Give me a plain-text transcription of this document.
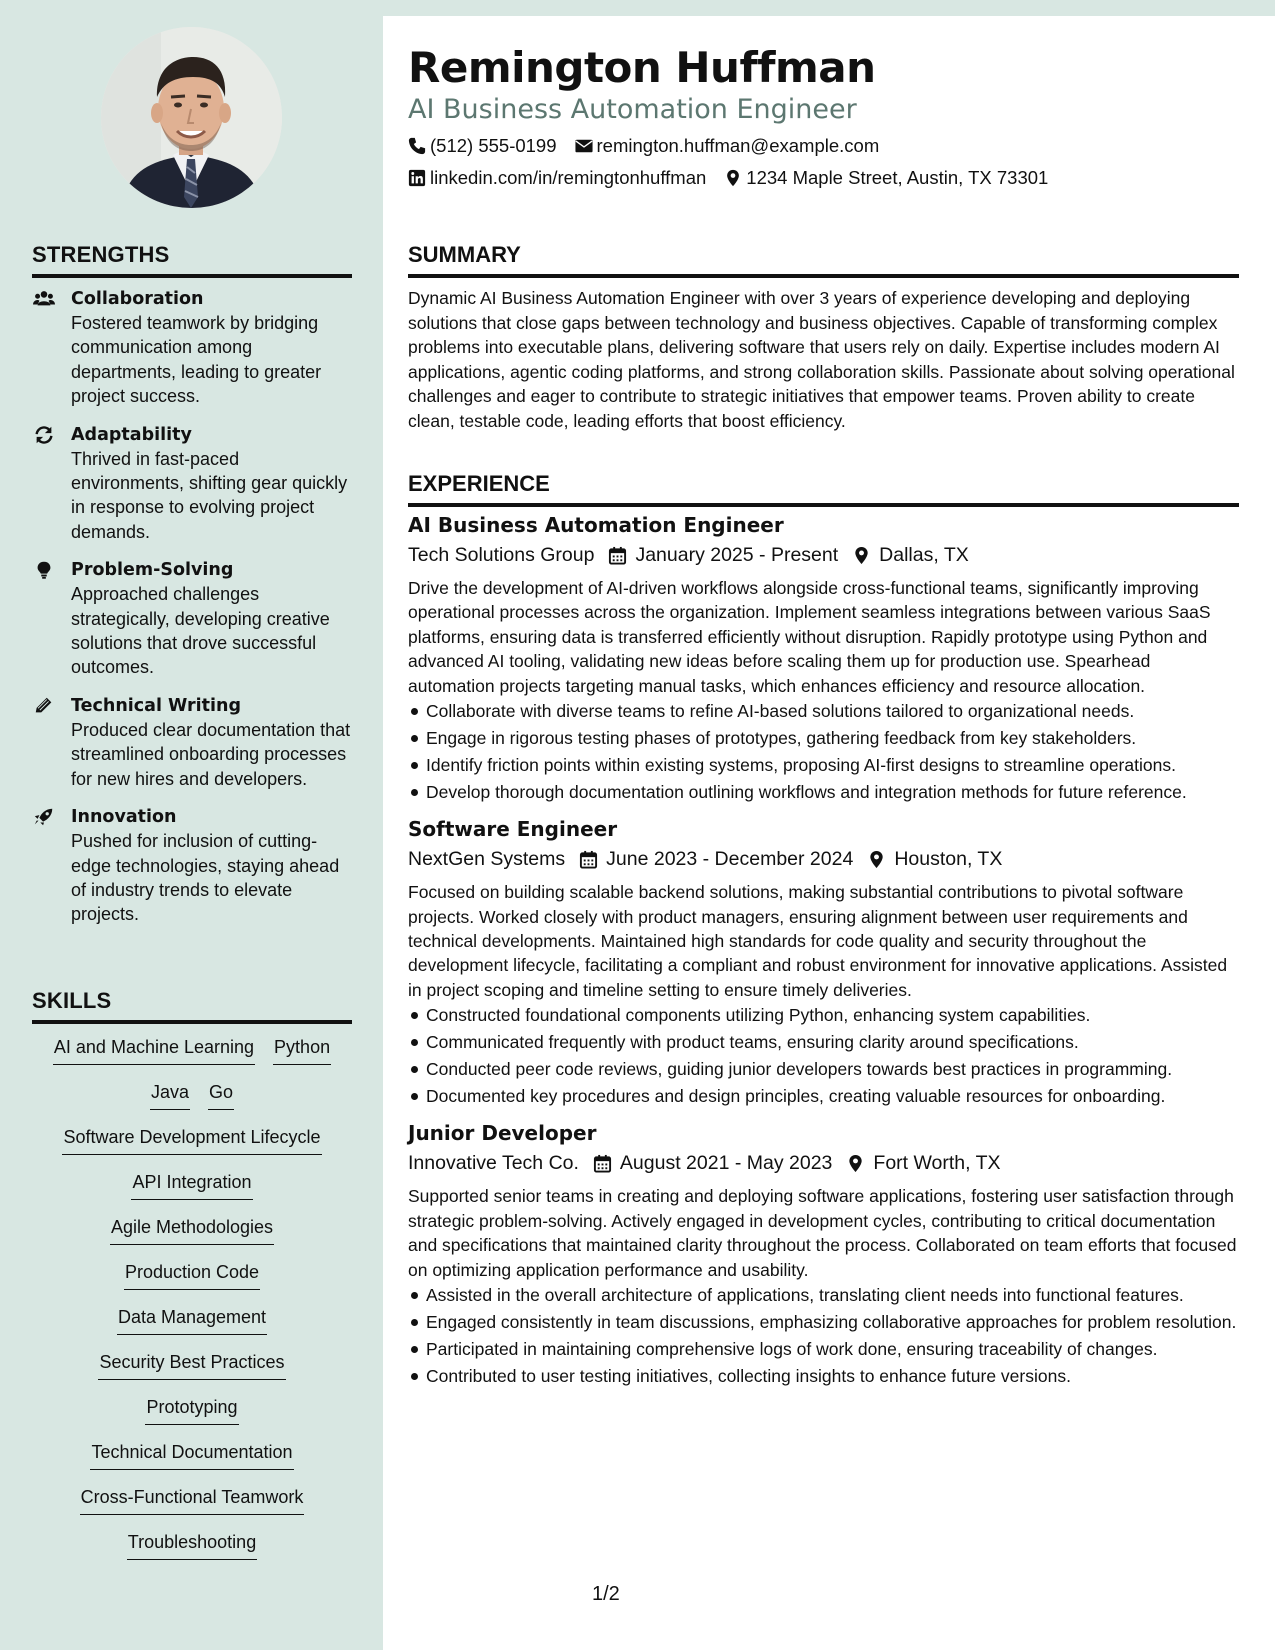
STRENGTHS
Collaboration
Fostered teamwork by bridging communication among departments, leading to greater project success.
Adaptability
Thrived in fast-paced environments, shifting gear quickly in response to evolving project demands.
Problem-Solving
Approached challenges strategically, developing creative solutions that drove successful outcomes.
Technical Writing
Produced clear documentation that streamlined onboarding processes for new hires and developers.
Innovation
Pushed for inclusion of cutting-edge technologies, staying ahead of industry trends to elevate projects.
SKILLS
AI and Machine Learning Python
Java Go
Software Development Lifecycle
API Integration
Agile Methodologies
Production Code
Data Management
Security Best Practices
Prototyping
Technical Documentation
Cross-Functional Teamwork
Troubleshooting
Remington Huffman
AI Business Automation Engineer
(512) 555-0199 remington.huffman@example.com
linkedin.com/in/remingtonhuffman 1234 Maple Street, Austin, TX 73301
SUMMARY
Dynamic AI Business Automation Engineer with over 3 years of experience developing and deploying solutions that close gaps between technology and business objectives. Capable of transforming complex problems into executable plans, delivering software that users rely on daily. Expertise includes modern AI applications, agentic coding platforms, and strong collaboration skills. Passionate about solving operational challenges and eager to contribute to strategic initiatives that empower teams. Proven ability to create clean, testable code, leading efforts that boost efficiency.
EXPERIENCE
AI Business Automation Engineer
Tech Solutions Group January 2025 - Present Dallas, TX
Drive the development of AI-driven workflows alongside cross-functional teams, significantly improving operational processes across the organization. Implement seamless integrations between various SaaS platforms, ensuring data is transferred efficiently without disruption. Rapidly prototype using Python and advanced AI tooling, validating new ideas before scaling them up for production use. Spearhead automation projects targeting manual tasks, which enhances efficiency and resource allocation.
Collaborate with diverse teams to refine AI-based solutions tailored to organizational needs.
Engage in rigorous testing phases of prototypes, gathering feedback from key stakeholders.
Identify friction points within existing systems, proposing AI-first designs to streamline operations.
Develop thorough documentation outlining workflows and integration methods for future reference.
Software Engineer
NextGen Systems June 2023 - December 2024 Houston, TX
Focused on building scalable backend solutions, making substantial contributions to pivotal software projects. Worked closely with product managers, ensuring alignment between user requirements and technical developments. Maintained high standards for code quality and security throughout the development lifecycle, facilitating a compliant and robust environment for innovative applications. Assisted in project scoping and timeline setting to ensure timely deliveries.
Constructed foundational components utilizing Python, enhancing system capabilities.
Communicated frequently with product teams, ensuring clarity around specifications.
Conducted peer code reviews, guiding junior developers towards best practices in programming.
Documented key procedures and design principles, creating valuable resources for onboarding.
Junior Developer
Innovative Tech Co. August 2021 - May 2023 Fort Worth, TX
Supported senior teams in creating and deploying software applications, fostering user satisfaction through strategic problem-solving. Actively engaged in development cycles, contributing to critical documentation and specifications that maintained clarity throughout the process. Collaborated on team efforts that focused on optimizing application performance and usability.
Assisted in the overall architecture of applications, translating client needs into functional features.
Engaged consistently in team discussions, emphasizing collaborative approaches for problem resolution.
Participated in maintaining comprehensive logs of work done, ensuring traceability of changes.
Contributed to user testing initiatives, collecting insights to enhance future versions.
1/2
